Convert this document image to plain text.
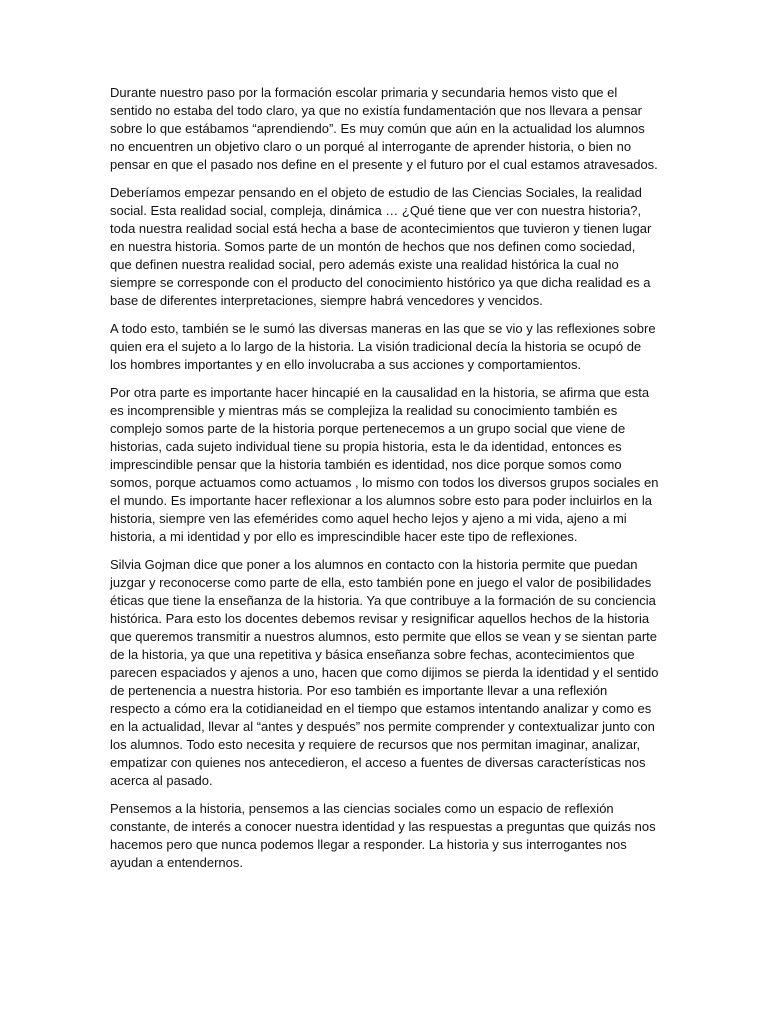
Durante nuestro paso por la formación escolar primaria y secundaria hemos visto que el sentido no estaba del todo claro, ya que no existía fundamentación que nos llevara a pensar sobre lo que estábamos “aprendiendo”. Es muy común que aún en la actualidad los alumnos no encuentren un objetivo claro o un porqué al interrogante de aprender historia, o bien no pensar en que el pasado nos define en el presente y el futuro por el cual estamos atravesados.

Deberíamos empezar pensando en el objeto de estudio de las Ciencias Sociales, la realidad social. Esta realidad social, compleja, dinámica … ¿Qué tiene que ver con nuestra historia?, toda nuestra realidad social está hecha a base de acontecimientos que tuvieron y tienen lugar en nuestra historia. Somos parte de un montón de hechos que nos definen como sociedad, que definen nuestra realidad social, pero además existe una realidad histórica la cual no siempre se corresponde con el producto del conocimiento histórico ya que dicha realidad es a base de diferentes interpretaciones, siempre habrá vencedores y vencidos.

A todo esto, también se le sumó las diversas maneras en las que se vio y las reflexiones sobre quien era el sujeto a lo largo de la historia. La visión tradicional decía la historia se ocupó de los hombres importantes y en ello involucraba a sus acciones y comportamientos.

Por otra parte es importante hacer hincapié en la causalidad en la historia, se afirma que esta es incomprensible y mientras más se complejiza la realidad su conocimiento también es complejo somos parte de la historia porque pertenecemos a un grupo social que viene de historias, cada sujeto individual tiene su propia historia, esta le da identidad, entonces es imprescindible pensar que la historia también es identidad, nos dice porque somos como somos, porque actuamos como actuamos , lo mismo con todos los diversos grupos sociales en el mundo. Es importante hacer reflexionar a los alumnos sobre esto para poder incluirlos en la historia, siempre ven las efemérides como aquel hecho lejos y ajeno a mi vida, ajeno a mi historia, a mi identidad y por ello es imprescindible hacer este tipo de reflexiones.

Silvia Gojman dice que poner a los alumnos en contacto con la historia permite que puedan juzgar y reconocerse como parte de ella, esto también pone en juego el valor de posibilidades éticas que tiene la enseñanza de la historia. Ya que contribuye a la formación de su conciencia histórica. Para esto los docentes debemos revisar y resignificar aquellos hechos de la historia que queremos transmitir a nuestros alumnos, esto permite que ellos se vean y se sientan parte de la historia, ya que una repetitiva y básica enseñanza sobre fechas, acontecimientos que parecen espaciados y ajenos a uno, hacen que como dijimos se pierda la identidad y el sentido de pertenencia a nuestra historia. Por eso también es importante llevar a una reflexión respecto a cómo era la cotidianeidad en el tiempo que estamos intentando analizar y como es en la actualidad, llevar al “antes y después” nos permite comprender y contextualizar junto con los alumnos. Todo esto necesita y requiere de recursos que nos permitan imaginar, analizar, empatizar con quienes nos antecedieron, el acceso a fuentes de diversas características nos acerca al pasado.

Pensemos a la historia, pensemos a las ciencias sociales como un espacio de reflexión constante, de interés a conocer nuestra identidad y las respuestas a preguntas que quizás nos hacemos pero que nunca podemos llegar a responder. La historia y sus interrogantes nos ayudan a entendernos.
